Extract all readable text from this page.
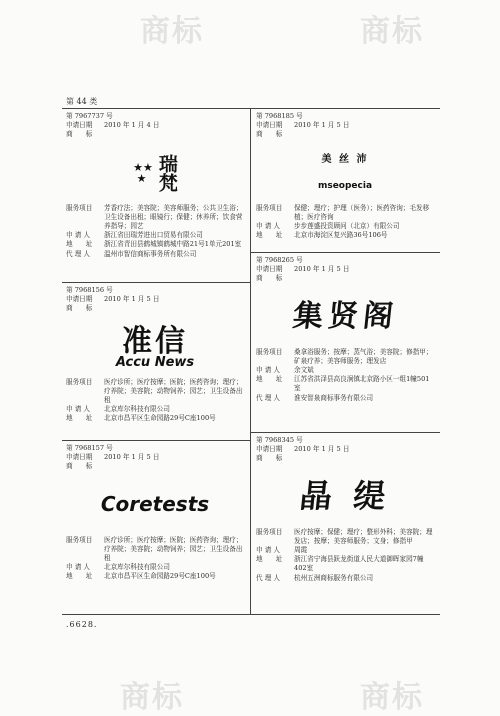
商标	商标
商标	商标
第 44 类
.6628.
第 7967737 号
申请日期 2010 年 1 月 4 日
商　　标
★★
★ 瑞梵
服务项目	芳香疗法；美容院；美容师服务；公共卫生浴；卫生设备出租；眼镜行；保健；休养所；饮食营养指导；园艺
申 请 人	浙江省田瑞芳进出口贸易有限公司
地　　址	浙江省青田县鹤城镇鹤城中路21号1单元201室
代 理 人	温州市智信商标事务所有限公司
第 7968156 号
申请日期 2010 年 1 月 5 日
商　　标
准信
Accu News
服务项目	医疗诊所；医疗按摩；医院；医药咨询；理疗；疗养院；美容院；动物饲养；园艺；卫生设备出租
申 请 人	北京库尔科技有限公司
地　　址	北京市昌平区生命园路29号C座100号
第 7968157 号
申请日期 2010 年 1 月 5 日
商　　标
Coretests
服务项目	医疗诊所；医疗按摩；医院；医药咨询；理疗；疗养院；美容院；动物饲养；园艺；卫生设备出租
申 请 人	北京库尔科技有限公司
地　　址	北京市昌平区生命园路29号C座100号
第 7968185 号
申请日期 2010 年 1 月 5 日
商　　标
美 丝 沛
mseopecia
服务项目	保健；理疗；护理（医务）；医药咨询；毛发移植；医疗咨询
申 请 人	步步莲盛投资顾问（北京）有限公司
地　　址	北京市海淀区复兴路36号106号
第 7968265 号
申请日期 2010 年 1 月 5 日
商　　标
集贤阁
服务项目	桑拿浴服务；按摩；蒸气浴；美容院；修指甲；矿泉疗养；美容师服务；理发店
申 请 人	余文斌
地　　址	江苏省洪泽县高良涧镇北京路小区一组1幢501室
代 理 人	淮安智泉商标事务有限公司
第 7968345 号
申请日期 2010 年 1 月 5 日
商　　标
晶 缇
服务项目	医疗按摩；保健；理疗；整形外科；美容院；理发店；按摩；美容师服务；文身；修指甲
申 请 人	周霞
地　　址	浙江省宁海县跃龙街道人民大道御晖家园7幢402室
代 理 人	杭州五洲商标服务有限公司
